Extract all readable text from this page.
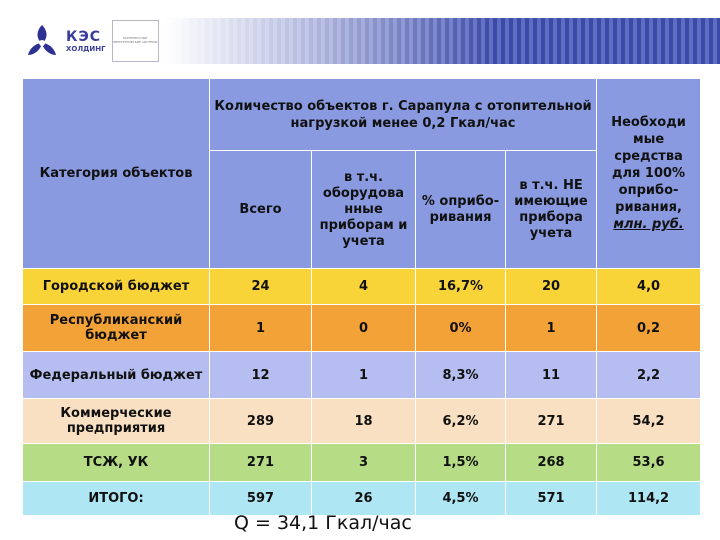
КЭС
ХОЛДИНГ
КОМПЛЕКСНЫЕ ЭНЕРГЕТИЧЕСКИЕ СИСТЕМЫ
Категория объектов	Количество объектов г. Сарапула с отопительной нагрузкой менее 0,2 Гкал/час				Необходи мые средства для 100% оприбо- ривания,
млн. руб.
	Всего	в т.ч. оборудова нные приборам и учета	% оприбо- ривания	в т.ч. НЕ имеющие прибора учета	
Городской бюджет	24	4	16,7%	20	4,0
Республиканский бюджет	1	0	0%	1	0,2
Федеральный бюджет	12	1	8,3%	11	2,2
Коммерческие предприятия	289	18	6,2%	271	54,2
ТСЖ, УК	271	3	1,5%	268	53,6
ИТОГО:	597	26	4,5%	571	114,2
Q = 34,1 Гкал/час
